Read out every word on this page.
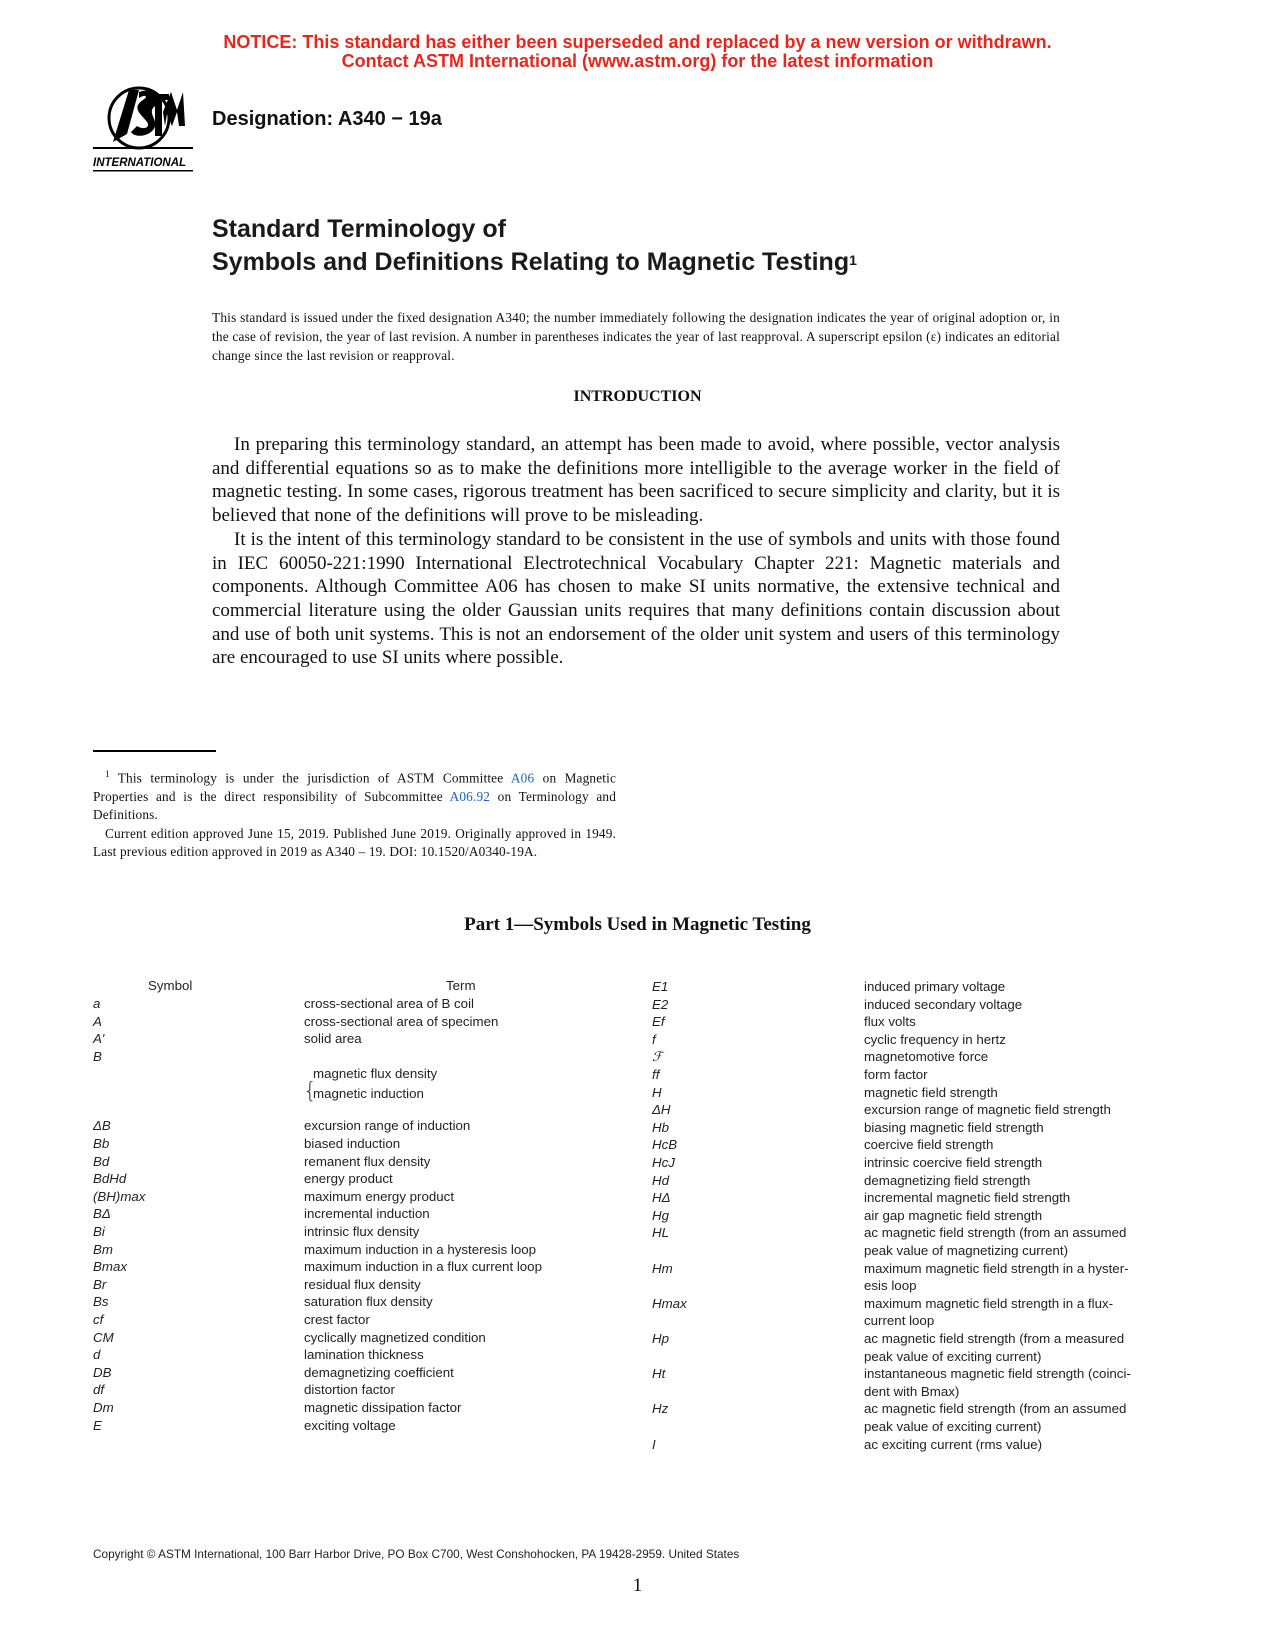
NOTICE: This standard has either been superseded and replaced by a new version or withdrawn.
Contact ASTM International (www.astm.org) for the latest information
INTERNATIONAL
Designation: A340 − 19a
Standard Terminology of
Symbols and Definitions Relating to Magnetic Testing$^1$
This standard is issued under the fixed designation A340; the number immediately following the designation indicates the year of original adoption or, in the case of revision, the year of last revision. A number in parentheses indicates the year of last reapproval. A superscript epsilon (ε) indicates an editorial change since the last revision or reapproval.
INTRODUCTION

In preparing this terminology standard, an attempt has been made to avoid, where possible, vector analysis and differential equations so as to make the definitions more intelligible to the average worker in the field of magnetic testing. In some cases, rigorous treatment has been sacrificed to secure simplicity and clarity, but it is believed that none of the definitions will prove to be misleading.

It is the intent of this terminology standard to be consistent in the use of symbols and units with those found in IEC 60050-221:1990 International Electrotechnical Vocabulary Chapter 221: Magnetic materials and components. Although Committee A06 has chosen to make SI units normative, the extensive technical and commercial literature using the older Gaussian units requires that many definitions contain discussion about and use of both unit systems. This is not an endorsement of the older unit system and users of this terminology are encouraged to use SI units where possible.

$^1$ This terminology is under the jurisdiction of ASTM Committee A06 on Magnetic Properties and is the direct responsibility of Subcommittee A06.92 on Terminology and Definitions.

Current edition approved June 15, 2019. Published June 2019. Originally approved in 1949. Last previous edition approved in 2019 as A340 – 19. DOI: 10.1520/A0340-19A.

Part 1—Symbols Used in Magnetic Testing
Symbol	Term
{
a	cross-sectional area of B coil
A	cross-sectional area of specimen
A′	solid area
B
magnetic flux density
magnetic induction
ΔB	excursion range of induction
Bb	biased induction
Bd	remanent flux density
BdHd	energy product
(BH)max	maximum energy product
BΔ	incremental induction
Bi	intrinsic flux density
Bm	maximum induction in a hysteresis loop
Bmax	maximum induction in a flux current loop
Br	residual flux density
Bs	saturation flux density
cf	crest factor
CM	cyclically magnetized condition
d	lamination thickness
DB	demagnetizing coefficient
df	distortion factor
Dm	magnetic dissipation factor
E	exciting voltage
E1	induced primary voltage
E2	induced secondary voltage
Ef	flux volts
f	cyclic frequency in hertz
ℱ	magnetomotive force
ff	form factor
H	magnetic field strength
ΔH	excursion range of magnetic field strength
Hb	biasing magnetic field strength
HcB	coercive field strength
HcJ	intrinsic coercive field strength
Hd	demagnetizing field strength
HΔ	incremental magnetic field strength
Hg	air gap magnetic field strength
HL	ac magnetic field strength (from an assumed
peak value of magnetizing current)
Hm	maximum magnetic field strength in a hyster-
esis loop
Hmax	maximum magnetic field strength in a flux-
current loop
Hp	ac magnetic field strength (from a measured
peak value of exciting current)
Ht	instantaneous magnetic field strength (coinci-
dent with Bmax)
Hz	ac magnetic field strength (from an assumed
peak value of exciting current)
I	ac exciting current (rms value)
Copyright © ASTM International, 100 Barr Harbor Drive, PO Box C700, West Conshohocken, PA 19428-2959. United States
1
